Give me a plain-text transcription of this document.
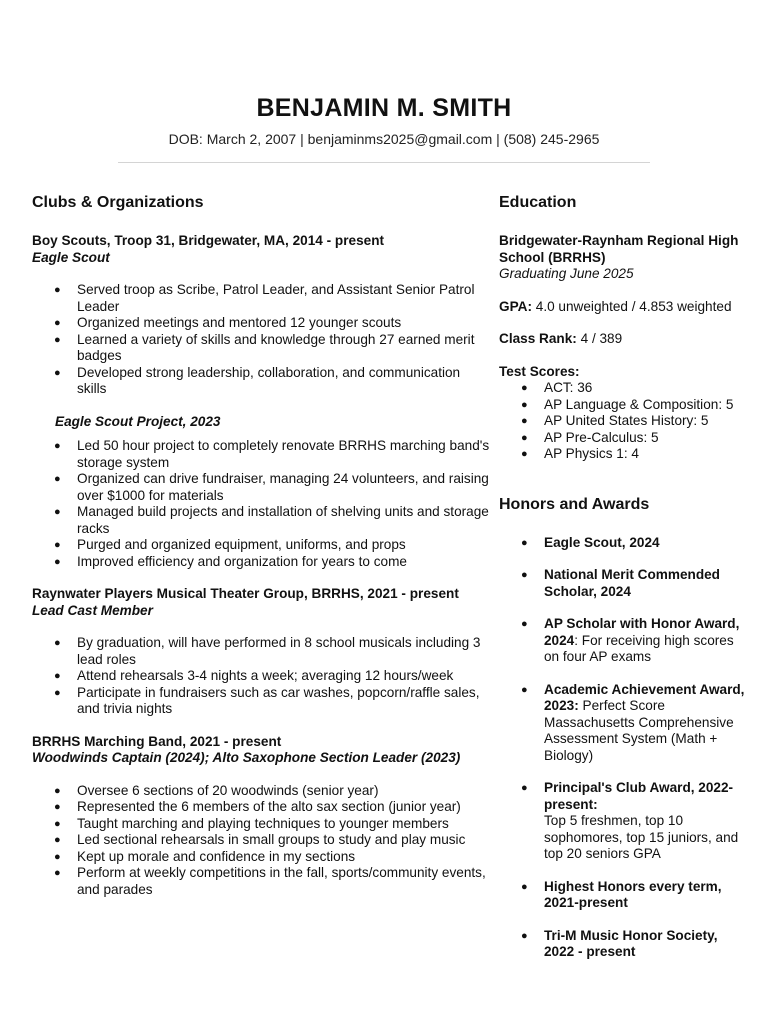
BENJAMIN M. SMITH
DOB: March 2, 2007 | benjaminms2025@gmail.com | (508) 245-2965
Clubs & Organizations
Boy Scouts, Troop 31, Bridgewater, MA, 2014 - present
Eagle Scout
● Served troop as Scribe, Patrol Leader, and Assistant Senior Patrol Leader
● Organized meetings and mentored 12 younger scouts
● Learned a variety of skills and knowledge through 27 earned merit badges
● Developed strong leadership, collaboration, and communication skills
Eagle Scout Project, 2023
● Led 50 hour project to completely renovate BRRHS marching band's storage system
● Organized can drive fundraiser, managing 24 volunteers, and raising over $1000 for materials
● Managed build projects and installation of shelving units and storage racks
● Purged and organized equipment, uniforms, and props
● Improved efficiency and organization for years to come
Raynwater Players Musical Theater Group, BRRHS, 2021 - present
Lead Cast Member
● By graduation, will have performed in 8 school musicals including 3 lead roles
● Attend rehearsals 3-4 nights a week; averaging 12 hours/week
● Participate in fundraisers such as car washes, popcorn/raffle sales, and trivia nights
BRRHS Marching Band, 2021 - present
Woodwinds Captain (2024); Alto Saxophone Section Leader (2023)
● Oversee 6 sections of 20 woodwinds (senior year)
● Represented the 6 members of the alto sax section (junior year)
● Taught marching and playing techniques to younger members
● Led sectional rehearsals in small groups to study and play music
● Kept up morale and confidence in my sections
● Perform at weekly competitions in the fall, sports/community events, and parades
Education
Bridgewater-Raynham Regional High School (BRRHS)
Graduating June 2025
GPA: 4.0 unweighted / 4.853 weighted
Class Rank: 4 / 389
Test Scores:
● ACT: 36
● AP Language & Composition: 5
● AP United States History: 5
● AP Pre-Calculus: 5
● AP Physics 1: 4
Honors and Awards
● Eagle Scout, 2024
● National Merit Commended Scholar, 2024
● AP Scholar with Honor Award, 2024: For receiving high scores on four AP exams
● Academic Achievement Award, 2023: Perfect Score Massachusetts Comprehensive Assessment System (Math + Biology)
● Principal's Club Award, 2022-present:
Top 5 freshmen, top 10 sophomores, top 15 juniors, and top 20 seniors GPA
● Highest Honors every term, 2021-present
● Tri-M Music Honor Society, 2022 - present
